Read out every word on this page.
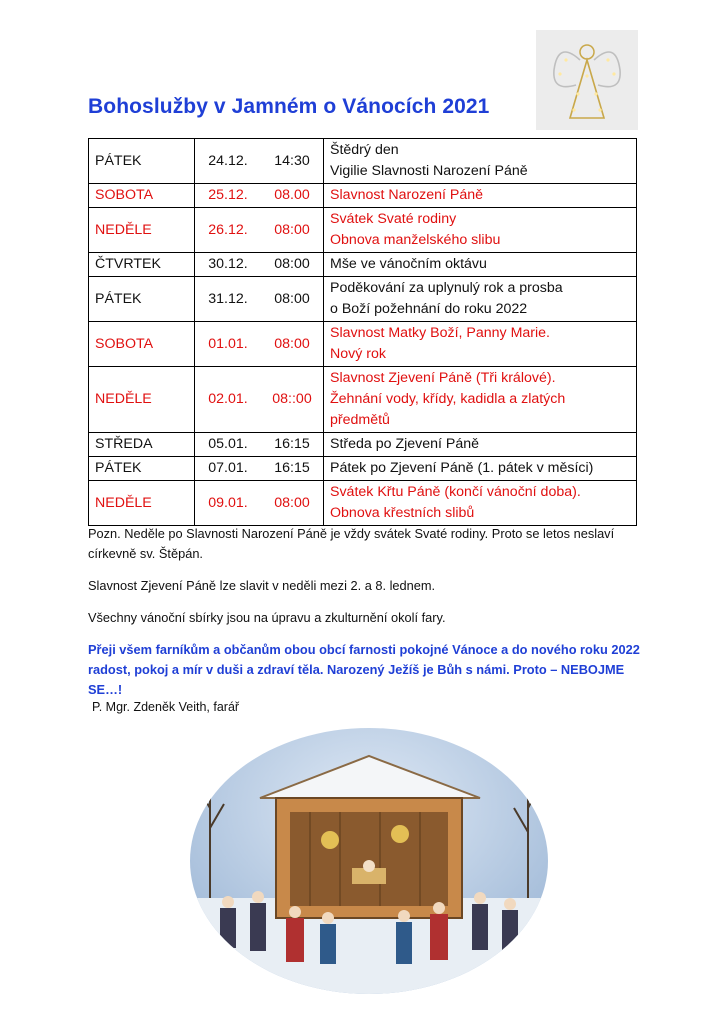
Bohoslužby v Jamném o Vánocích 2021
PÁTEK	24.12.	14:30	Štědrý den
Vigilie Slavnosti Narození Páně

SOBOTA	25.12.	08.00	Slavnost Narození Páně

NEDĚLE	26.12.	08:00	Svátek Svaté rodiny
Obnova manželského slibu

ČTVRTEK	30.12.	08:00	Mše ve vánočním oktávu

PÁTEK	31.12.	08:00	Poděkování za uplynulý rok a prosba
o Boží požehnání do roku 2022

SOBOTA	01.01.	08:00	Slavnost Matky Boží, Panny Marie.
Nový rok

NEDĚLE	02.01.	08::00	Slavnost Zjevení Páně (Tři králové).
Žehnání vody, křídy, kadidla a zlatých
předmětů

STŘEDA	05.01.	16:15	Středa po Zjevení Páně

PÁTEK	07.01.	16:15	Pátek po Zjevení Páně (1. pátek v měsíci)

NEDĚLE	09.01.	08:00	Svátek Křtu Páně (končí vánoční doba).
Obnova křestních slibů

Pozn. Neděle po Slavnosti Narození Páně je vždy svátek Svaté rodiny. Proto se letos neslaví církevně sv. Štěpán.

Slavnost Zjevení Páně lze slavit v neděli mezi 2. a 8. lednem.

Všechny vánoční sbírky jsou na úpravu a zkulturnění okolí fary.

Přeji všem farníkům a občanům obou obcí farnosti pokojné Vánoce a do nového roku 2022 radost, pokoj a mír v duši a zdraví těla. Narozený Ježíš je Bůh s námi. Proto – NEBOJME SE…!

P. Mgr. Zdeněk Veith, farář
